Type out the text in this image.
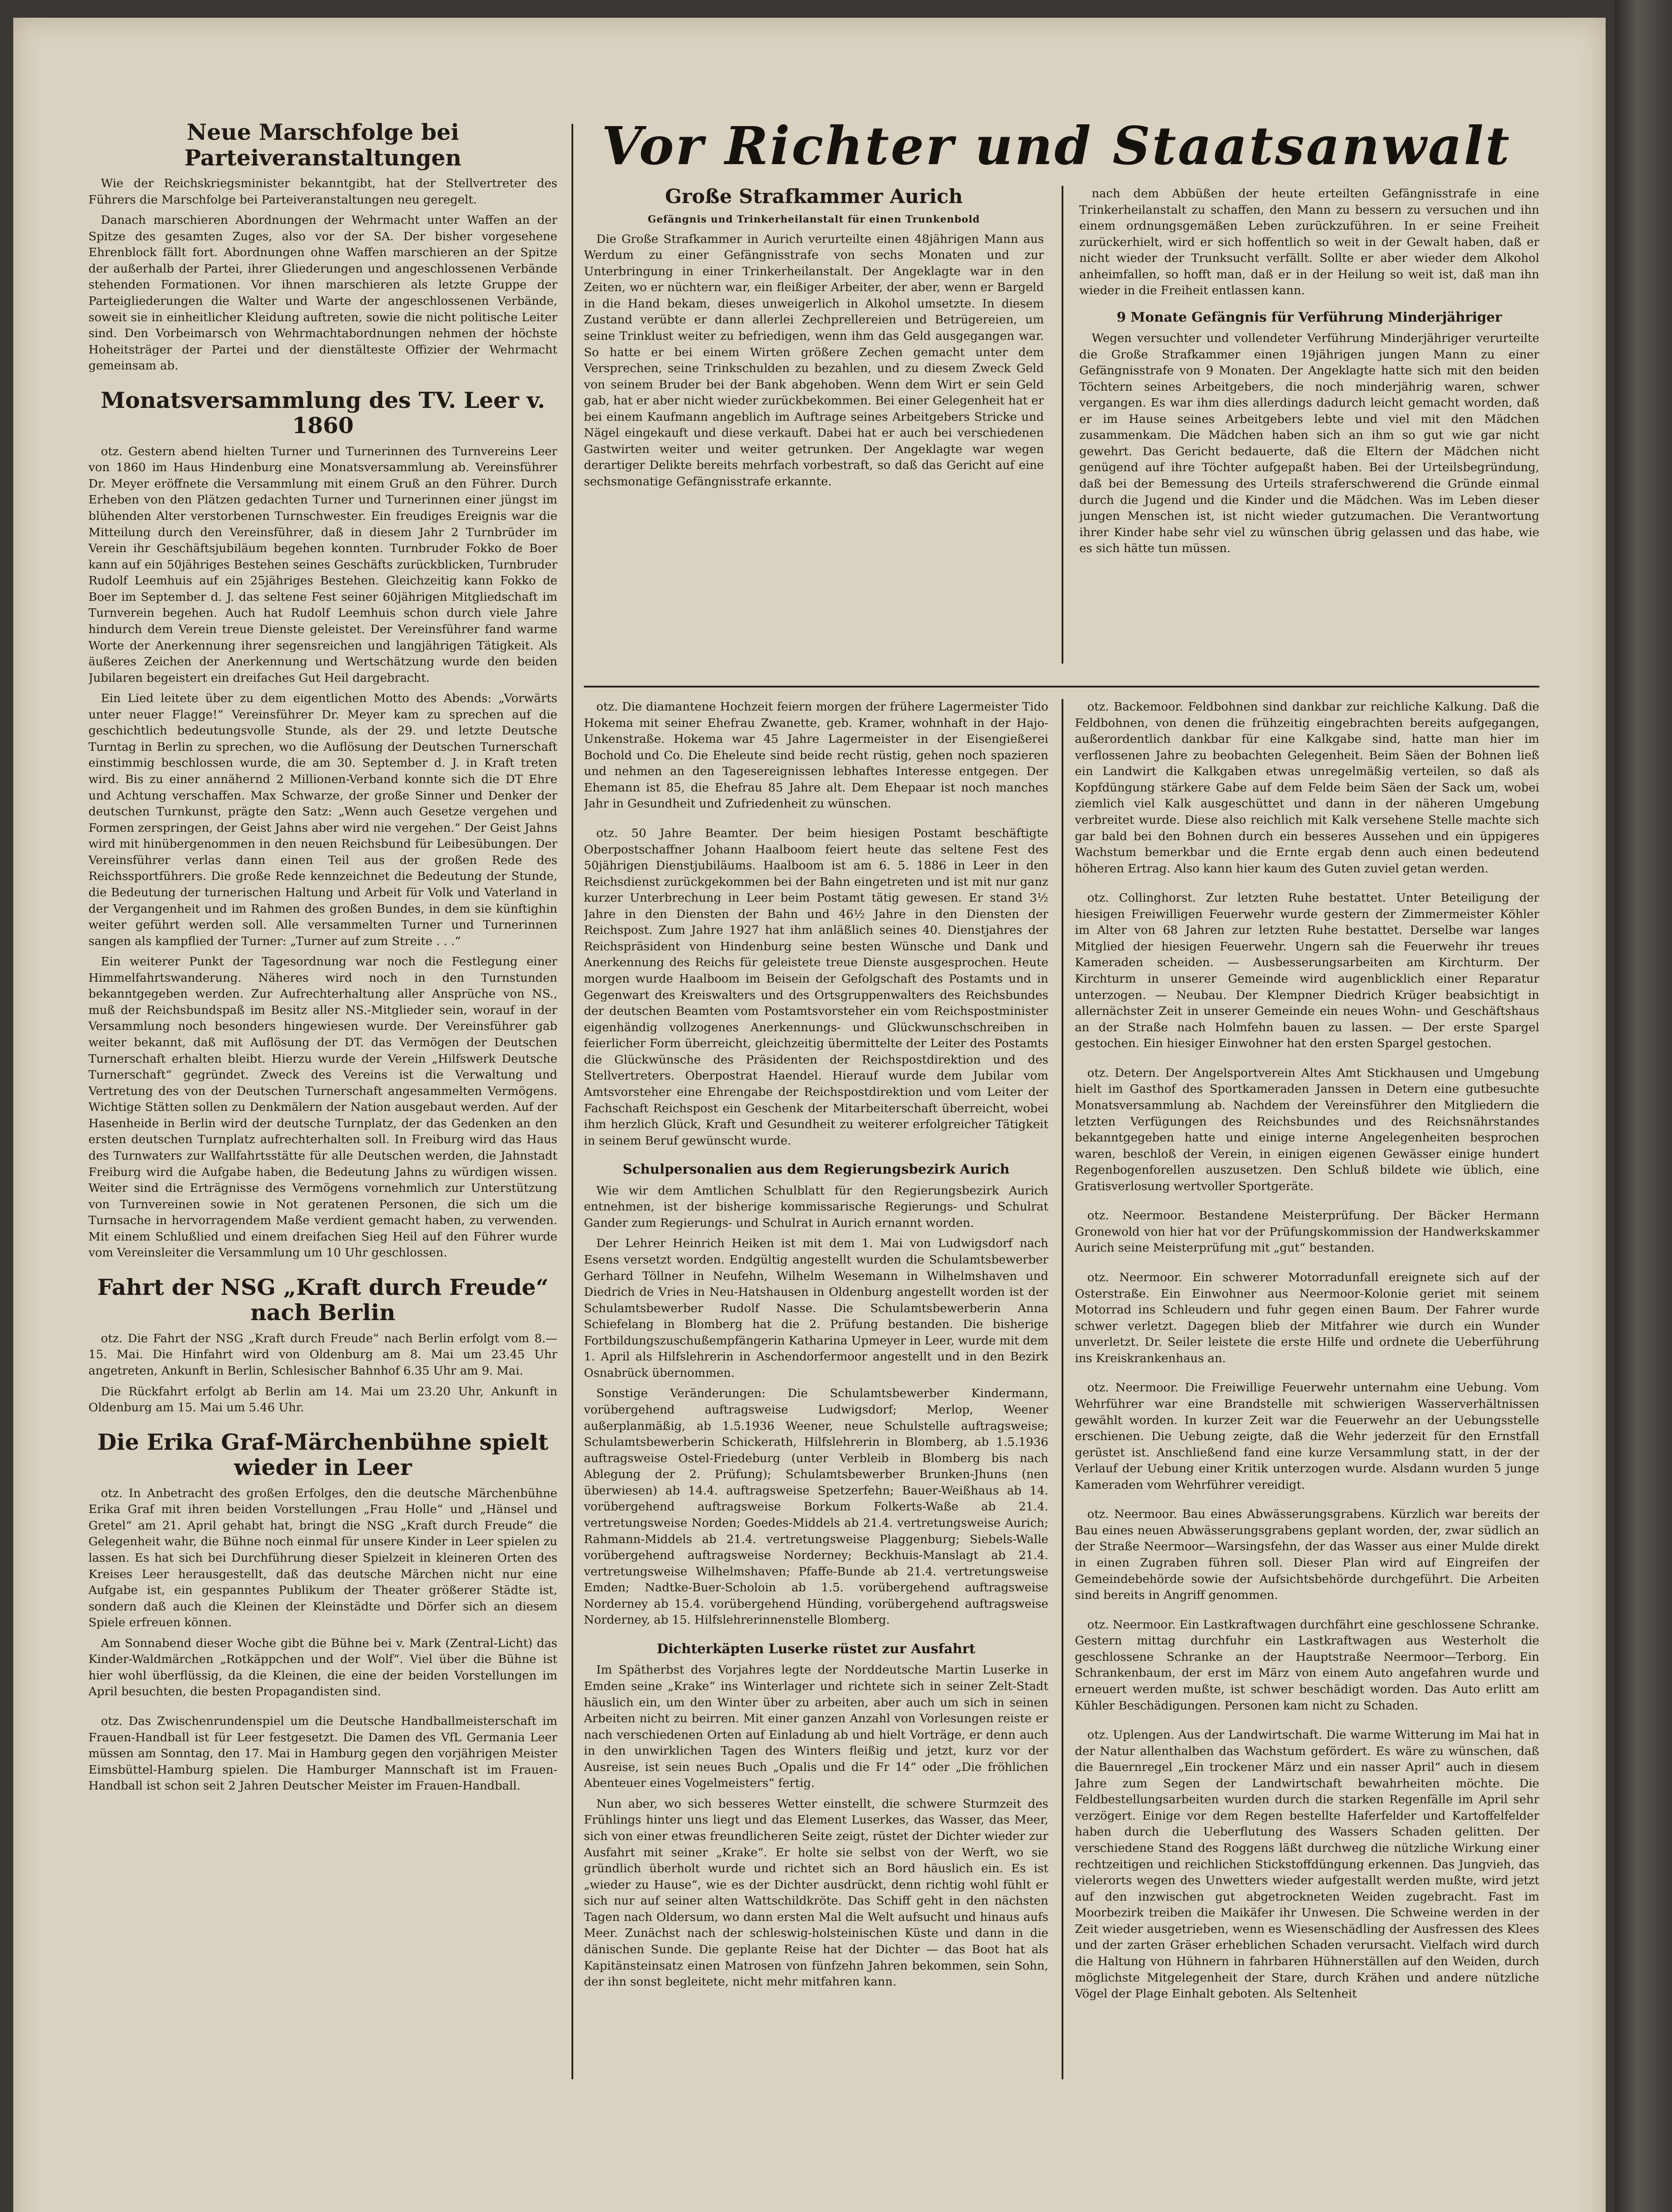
Vor Richter und Staatsanwalt
Neue Marschfolge bei Parteiveranstaltungen

Wie der Reichskriegsminister bekanntgibt, hat der Stellvertreter des Führers die Marschfolge bei Parteiveranstaltungen neu geregelt.

Danach marschieren Abordnungen der Wehrmacht unter Waffen an der Spitze des gesamten Zuges, also vor der SA. Der bisher vorgesehene Ehrenblock fällt fort. Abordnungen ohne Waffen marschieren an der Spitze der außerhalb der Partei, ihrer Gliederungen und angeschlossenen Verbände stehenden Formationen. Vor ihnen marschieren als letzte Gruppe der Parteigliederungen die Walter und Warte der angeschlossenen Verbände, soweit sie in einheitlicher Kleidung auftreten, sowie die nicht politische Leiter sind. Den Vorbeimarsch von Wehrmachtabordnungen nehmen der höchste Hoheitsträger der Partei und der dienstälteste Offizier der Wehrmacht gemeinsam ab.

Monatsversammlung des TV. Leer v. 1860

otz. Gestern abend hielten Turner und Turnerinnen des Turnvereins Leer von 1860 im Haus Hindenburg eine Monatsversammlung ab. Vereinsführer Dr. Meyer eröffnete die Versammlung mit einem Gruß an den Führer. Durch Erheben von den Plätzen gedachten Turner und Turnerinnen einer jüngst im blühenden Alter verstorbenen Turnschwester. Ein freudiges Ereignis war die Mitteilung durch den Vereinsführer, daß in diesem Jahr 2 Turnbrüder im Verein ihr Geschäftsjubiläum begehen konnten. Turnbruder Fokko de Boer kann auf ein 50jähriges Bestehen seines Geschäfts zurückblicken, Turnbruder Rudolf Leemhuis auf ein 25jähriges Bestehen. Gleichzeitig kann Fokko de Boer im September d. J. das seltene Fest seiner 60jährigen Mitgliedschaft im Turnverein begehen. Auch hat Rudolf Leemhuis schon durch viele Jahre hindurch dem Verein treue Dienste geleistet. Der Vereinsführer fand warme Worte der Anerkennung ihrer segensreichen und langjährigen Tätigkeit. Als äußeres Zeichen der Anerkennung und Wertschätzung wurde den beiden Jubilaren begeistert ein dreifaches Gut Heil dargebracht.

Ein Lied leitete über zu dem eigentlichen Motto des Abends: „Vorwärts unter neuer Flagge!“ Vereinsführer Dr. Meyer kam zu sprechen auf die geschichtlich bedeutungsvolle Stunde, als der 29. und letzte Deutsche Turntag in Berlin zu sprechen, wo die Auflösung der Deutschen Turnerschaft einstimmig beschlossen wurde, die am 30. September d. J. in Kraft treten wird. Bis zu einer annähernd 2 Millionen-Verband konnte sich die DT Ehre und Achtung verschaffen. Max Schwarze, der große Sinner und Denker der deutschen Turnkunst, prägte den Satz: „Wenn auch Gesetze vergehen und Formen zerspringen, der Geist Jahns aber wird nie vergehen.“ Der Geist Jahns wird mit hinübergenommen in den neuen Reichsbund für Leibesübungen. Der Vereinsführer verlas dann einen Teil aus der großen Rede des Reichssportführers. Die große Rede kennzeichnet die Bedeutung der Stunde, die Bedeutung der turnerischen Haltung und Arbeit für Volk und Vaterland in der Vergangenheit und im Rahmen des großen Bundes, in dem sie künftighin weiter geführt werden soll. Alle versammelten Turner und Turnerinnen sangen als kampflied der Turner: „Turner auf zum Streite . . .“

Ein weiterer Punkt der Tagesordnung war noch die Festlegung einer Himmelfahrtswanderung. Näheres wird noch in den Turnstunden bekanntgegeben werden. Zur Aufrechterhaltung aller Ansprüche von NS., muß der Reichsbundspaß im Besitz aller NS.-Mitglieder sein, worauf in der Versammlung noch besonders hingewiesen wurde. Der Vereinsführer gab weiter bekannt, daß mit Auflösung der DT. das Vermögen der Deutschen Turnerschaft erhalten bleibt. Hierzu wurde der Verein „Hilfswerk Deutsche Turnerschaft“ gegründet. Zweck des Vereins ist die Verwaltung und Vertretung des von der Deutschen Turnerschaft angesammelten Vermögens. Wichtige Stätten sollen zu Denkmälern der Nation ausgebaut werden. Auf der Hasenheide in Berlin wird der deutsche Turnplatz, der das Gedenken an den ersten deutschen Turnplatz aufrechterhalten soll. In Freiburg wird das Haus des Turnwaters zur Wallfahrtsstätte für alle Deutschen werden, die Jahnstadt Freiburg wird die Aufgabe haben, die Bedeutung Jahns zu würdigen wissen. Weiter sind die Erträgnisse des Vermögens vornehmlich zur Unterstützung von Turnvereinen sowie in Not geratenen Personen, die sich um die Turnsache in hervorragendem Maße verdient gemacht haben, zu verwenden. Mit einem Schlußlied und einem dreifachen Sieg Heil auf den Führer wurde vom Vereinsleiter die Versammlung um 10 Uhr geschlossen.

Fahrt der NSG „Kraft durch Freude“ nach Berlin

otz. Die Fahrt der NSG „Kraft durch Freude“ nach Berlin erfolgt vom 8.—15. Mai. Die Hinfahrt wird von Oldenburg am 8. Mai um 23.45 Uhr angetreten, Ankunft in Berlin, Schlesischer Bahnhof 6.35 Uhr am 9. Mai.

Die Rückfahrt erfolgt ab Berlin am 14. Mai um 23.20 Uhr, Ankunft in Oldenburg am 15. Mai um 5.46 Uhr.

Die Erika Graf-Märchenbühne spielt wieder in Leer

otz. In Anbetracht des großen Erfolges, den die deutsche Märchenbühne Erika Graf mit ihren beiden Vorstellungen „Frau Holle“ und „Hänsel und Gretel“ am 21. April gehabt hat, bringt die NSG „Kraft durch Freude“ die Gelegenheit wahr, die Bühne noch einmal für unsere Kinder in Leer spielen zu lassen. Es hat sich bei Durchführung dieser Spielzeit in kleineren Orten des Kreises Leer herausgestellt, daß das deutsche Märchen nicht nur eine Aufgabe ist, ein gespanntes Publikum der Theater größerer Städte ist, sondern daß auch die Kleinen der Kleinstädte und Dörfer sich an diesem Spiele erfreuen können.

Am Sonnabend dieser Woche gibt die Bühne bei v. Mark (Zentral-Licht) das Kinder-Waldmärchen „Rotkäppchen und der Wolf“. Viel über die Bühne ist hier wohl überflüssig, da die Kleinen, die eine der beiden Vorstellungen im April besuchten, die besten Propagandisten sind.

otz. Das Zwischenrundenspiel um die Deutsche Handballmeisterschaft im Frauen-Handball ist für Leer festgesetzt. Die Damen des VfL Germania Leer müssen am Sonntag, den 17. Mai in Hamburg gegen den vorjährigen Meister Eimsbüttel-Hamburg spielen. Die Hamburger Mannschaft ist im Frauen-Handball ist schon seit 2 Jahren Deutscher Meister im Frauen-Handball.

Große Strafkammer Aurich
Gefängnis und Trinkerheilanstalt für einen Trunkenbold

Die Große Strafkammer in Aurich verurteilte einen 48jährigen Mann aus Werdum zu einer Gefängnisstrafe von sechs Monaten und zur Unterbringung in einer Trinkerheilanstalt. Der Angeklagte war in den Zeiten, wo er nüchtern war, ein fleißiger Arbeiter, der aber, wenn er Bargeld in die Hand bekam, dieses unweigerlich in Alkohol umsetzte. In diesem Zustand verübte er dann allerlei Zechprellereien und Betrügereien, um seine Trinklust weiter zu befriedigen, wenn ihm das Geld ausgegangen war. So hatte er bei einem Wirten größere Zechen gemacht unter dem Versprechen, seine Trinkschulden zu bezahlen, und zu diesem Zweck Geld von seinem Bruder bei der Bank abgehoben. Wenn dem Wirt er sein Geld gab, hat er aber nicht wieder zurückbekommen. Bei einer Gelegenheit hat er bei einem Kaufmann angeblich im Auftrage seines Arbeitgebers Stricke und Nägel eingekauft und diese verkauft. Dabei hat er auch bei verschiedenen Gastwirten weiter und weiter getrunken. Der Angeklagte war wegen derartiger Delikte bereits mehrfach vorbestraft, so daß das Gericht auf eine sechsmonatige Gefängnisstrafe erkannte.

nach dem Abbüßen der heute erteilten Gefängnisstrafe in eine Trinkerheilanstalt zu schaffen, den Mann zu bessern zu versuchen und ihn einem ordnungsgemäßen Leben zurückzuführen. In er seine Freiheit zurückerhielt, wird er sich hoffentlich so weit in der Gewalt haben, daß er nicht wieder der Trunksucht verfällt. Sollte er aber wieder dem Alkohol anheimfallen, so hofft man, daß er in der Heilung so weit ist, daß man ihn wieder in die Freiheit entlassen kann.

9 Monate Gefängnis für Verführung Minderjähriger

Wegen versuchter und vollendeter Verführung Minderjähriger verurteilte die Große Strafkammer einen 19jährigen jungen Mann zu einer Gefängnisstrafe von 9 Monaten. Der Angeklagte hatte sich mit den beiden Töchtern seines Arbeitgebers, die noch minderjährig waren, schwer vergangen. Es war ihm dies allerdings dadurch leicht gemacht worden, daß er im Hause seines Arbeitgebers lebte und viel mit den Mädchen zusammenkam. Die Mädchen haben sich an ihm so gut wie gar nicht gewehrt. Das Gericht bedauerte, daß die Eltern der Mädchen nicht genügend auf ihre Töchter aufgepaßt haben. Bei der Urteilsbegründung, daß bei der Bemessung des Urteils straferschwerend die Gründe einmal durch die Jugend und die Kinder und die Mädchen. Was im Leben dieser jungen Menschen ist, ist nicht wieder gutzumachen. Die Verantwortung ihrer Kinder habe sehr viel zu wünschen übrig gelassen und das habe, wie es sich hätte tun müssen.

otz. Die diamantene Hochzeit feiern morgen der frühere Lagermeister Tido Hokema mit seiner Ehefrau Zwanette, geb. Kramer, wohnhaft in der Hajo-Unkenstraße. Hokema war 45 Jahre Lagermeister in der Eisengießerei Bochold und Co. Die Eheleute sind beide recht rüstig, gehen noch spazieren und nehmen an den Tagesereignissen lebhaftes Interesse entgegen. Der Ehemann ist 85, die Ehefrau 85 Jahre alt. Dem Ehepaar ist noch manches Jahr in Gesundheit und Zufriedenheit zu wünschen.

otz. 50 Jahre Beamter. Der beim hiesigen Postamt beschäftigte Oberpostschaffner Johann Haalboom feiert heute das seltene Fest des 50jährigen Dienstjubiläums. Haalboom ist am 6. 5. 1886 in Leer in den Reichsdienst zurückgekommen bei der Bahn eingetreten und ist mit nur ganz kurzer Unterbrechung in Leer beim Postamt tätig gewesen. Er stand 3½ Jahre in den Diensten der Bahn und 46½ Jahre in den Diensten der Reichspost. Zum Jahre 1927 hat ihm anläßlich seines 40. Dienstjahres der Reichspräsident von Hindenburg seine besten Wünsche und Dank und Anerkennung des Reichs für geleistete treue Dienste ausgesprochen. Heute morgen wurde Haalboom im Beisein der Gefolgschaft des Postamts und in Gegenwart des Kreiswalters und des Ortsgruppenwalters des Reichsbundes der deutschen Beamten vom Postamtsvorsteher ein vom Reichspostminister eigenhändig vollzogenes Anerkennungs- und Glückwunschschreiben in feierlicher Form überreicht, gleichzeitig übermittelte der Leiter des Postamts die Glückwünsche des Präsidenten der Reichspostdirektion und des Stellvertreters. Oberpostrat Haendel. Hierauf wurde dem Jubilar vom Amtsvorsteher eine Ehrengabe der Reichspostdirektion und vom Leiter der Fachschaft Reichspost ein Geschenk der Mitarbeiterschaft überreicht, wobei ihm herzlich Glück, Kraft und Gesundheit zu weiterer erfolgreicher Tätigkeit in seinem Beruf gewünscht wurde.

Schulpersonalien aus dem Regierungsbezirk Aurich

Wie wir dem Amtlichen Schulblatt für den Regierungsbezirk Aurich entnehmen, ist der bisherige kommissarische Regierungs- und Schulrat Gander zum Regierungs- und Schulrat in Aurich ernannt worden.

Der Lehrer Heinrich Heiken ist mit dem 1. Mai von Ludwigsdorf nach Esens versetzt worden. Endgültig angestellt wurden die Schulamtsbewerber Gerhard Töllner in Neufehn, Wilhelm Wesemann in Wilhelmshaven und Diedrich de Vries in Neu-Hatshausen in Oldenburg angestellt worden ist der Schulamtsbewerber Rudolf Nasse. Die Schulamtsbewerberin Anna Schiefelang in Blomberg hat die 2. Prüfung bestanden. Die bisherige Fortbildungszuschußempfängerin Katharina Upmeyer in Leer, wurde mit dem 1. April als Hilfslehrerin in Aschendorfermoor angestellt und in den Bezirk Osnabrück übernommen.

Sonstige Veränderungen: Die Schulamtsbewerber Kindermann, vorübergehend auftragsweise Ludwigsdorf; Merlop, Weener außerplanmäßig, ab 1.5.1936 Weener, neue Schulstelle auftragsweise; Schulamtsbewerberin Schickerath, Hilfslehrerin in Blomberg, ab 1.5.1936 auftragsweise Ostel-Friedeburg (unter Verbleib in Blomberg bis nach Ablegung der 2. Prüfung); Schulamtsbewerber Brunken-Jhuns (nen überwiesen) ab 14.4. auftragsweise Spetzerfehn; Bauer-Weißhaus ab 14. vorübergehend auftragsweise Borkum Folkerts-Waße ab 21.4. vertretungsweise Norden; Goedes-Middels ab 21.4. vertretungsweise Aurich; Rahmann-Middels ab 21.4. vertretungsweise Plaggenburg; Siebels-Walle vorübergehend auftragsweise Norderney; Beckhuis-Manslagt ab 21.4. vertretungsweise Wilhelmshaven; Pfaffe-Bunde ab 21.4. vertretungsweise Emden; Nadtke-Buer-Scholoin ab 1.5. vorübergehend auftragsweise Norderney ab 15.4. vorübergehend Hünding, vorübergehend auftragsweise Norderney, ab 15. Hilfslehrerinnenstelle Blomberg.

Dichterkäpten Luserke rüstet zur Ausfahrt

Im Spätherbst des Vorjahres legte der Norddeutsche Martin Luserke in Emden seine „Krake“ ins Winterlager und richtete sich in seiner Zelt-Stadt häuslich ein, um den Winter über zu arbeiten, aber auch um sich in seinen Arbeiten nicht zu beirren. Mit einer ganzen Anzahl von Vorlesungen reiste er nach verschiedenen Orten auf Einladung ab und hielt Vorträge, er denn auch in den unwirklichen Tagen des Winters fleißig und jetzt, kurz vor der Ausreise, ist sein neues Buch „Opalis und die Fr 14“ oder „Die fröhlichen Abenteuer eines Vogelmeisters“ fertig.

Nun aber, wo sich besseres Wetter einstellt, die schwere Sturmzeit des Frühlings hinter uns liegt und das Element Luserkes, das Wasser, das Meer, sich von einer etwas freundlicheren Seite zeigt, rüstet der Dichter wieder zur Ausfahrt mit seiner „Krake“. Er holte sie selbst von der Werft, wo sie gründlich überholt wurde und richtet sich an Bord häuslich ein. Es ist „wieder zu Hause“, wie es der Dichter ausdrückt, denn richtig wohl fühlt er sich nur auf seiner alten Wattschildkröte. Das Schiff geht in den nächsten Tagen nach Oldersum, wo dann ersten Mal die Welt aufsucht und hinaus aufs Meer. Zunächst nach der schleswig-holsteinischen Küste und dann in die dänischen Sunde. Die geplante Reise hat der Dichter — das Boot hat als Kapitänsteinsatz einen Matrosen von fünfzehn Jahren bekommen, sein Sohn, der ihn sonst begleitete, nicht mehr mitfahren kann.

otz. Backemoor. Feldbohnen sind dankbar zur reichliche Kalkung. Daß die Feldbohnen, von denen die frühzeitig eingebrachten bereits aufgegangen, außerordentlich dankbar für eine Kalkgabe sind, hatte man hier im verflossenen Jahre zu beobachten Gelegenheit. Beim Säen der Bohnen ließ ein Landwirt die Kalkgaben etwas unregelmäßig verteilen, so daß als Kopfdüngung stärkere Gabe auf dem Felde beim Säen der Sack um, wobei ziemlich viel Kalk ausgeschüttet und dann in der näheren Umgebung verbreitet wurde. Diese also reichlich mit Kalk versehene Stelle machte sich gar bald bei den Bohnen durch ein besseres Aussehen und ein üppigeres Wachstum bemerkbar und die Ernte ergab denn auch einen bedeutend höheren Ertrag. Also kann hier kaum des Guten zuviel getan werden.

otz. Collinghorst. Zur letzten Ruhe bestattet. Unter Beteiligung der hiesigen Freiwilligen Feuerwehr wurde gestern der Zimmermeister Köhler im Alter von 68 Jahren zur letzten Ruhe bestattet. Derselbe war langes Mitglied der hiesigen Feuerwehr. Ungern sah die Feuerwehr ihr treues Kameraden scheiden. — Ausbesserungsarbeiten am Kirchturm. Der Kirchturm in unserer Gemeinde wird augenblicklich einer Reparatur unterzogen. — Neubau. Der Klempner Diedrich Krüger beabsichtigt in allernächster Zeit in unserer Gemeinde ein neues Wohn- und Geschäftshaus an der Straße nach Holmfehn bauen zu lassen. — Der erste Spargel gestochen. Ein hiesiger Einwohner hat den ersten Spargel gestochen.

otz. Detern. Der Angelsportverein Altes Amt Stickhausen und Umgebung hielt im Gasthof des Sportkameraden Janssen in Detern eine gutbesuchte Monatsversammlung ab. Nachdem der Vereinsführer den Mitgliedern die letzten Verfügungen des Reichsbundes und des Reichsnährstandes bekanntgegeben hatte und einige interne Angelegenheiten besprochen waren, beschloß der Verein, in einigen eigenen Gewässer einige hundert Regenbogenforellen auszusetzen. Den Schluß bildete wie üblich, eine Gratisverlosung wertvoller Sportgeräte.

otz. Neermoor. Bestandene Meisterprüfung. Der Bäcker Hermann Gronewold von hier hat vor der Prüfungskommission der Handwerkskammer Aurich seine Meisterprüfung mit „gut“ bestanden.

otz. Neermoor. Ein schwerer Motorradunfall ereignete sich auf der Osterstraße. Ein Einwohner aus Neermoor-Kolonie geriet mit seinem Motorrad ins Schleudern und fuhr gegen einen Baum. Der Fahrer wurde schwer verletzt. Dagegen blieb der Mitfahrer wie durch ein Wunder unverletzt. Dr. Seiler leistete die erste Hilfe und ordnete die Ueberführung ins Kreiskrankenhaus an.

otz. Neermoor. Die Freiwillige Feuerwehr unternahm eine Uebung. Vom Wehrführer war eine Brandstelle mit schwierigen Wasserverhältnissen gewählt worden. In kurzer Zeit war die Feuerwehr an der Uebungsstelle erschienen. Die Uebung zeigte, daß die Wehr jederzeit für den Ernstfall gerüstet ist. Anschließend fand eine kurze Versammlung statt, in der der Verlauf der Uebung einer Kritik unterzogen wurde. Alsdann wurden 5 junge Kameraden vom Wehrführer vereidigt.

otz. Neermoor. Bau eines Abwässerungsgrabens. Kürzlich war bereits der Bau eines neuen Abwässerungsgrabens geplant worden, der, zwar südlich an der Straße Neermoor—Warsingsfehn, der das Wasser aus einer Mulde direkt in einen Zugraben führen soll. Dieser Plan wird auf Eingreifen der Gemeindebehörde sowie der Aufsichtsbehörde durchgeführt. Die Arbeiten sind bereits in Angriff genommen.

otz. Neermoor. Ein Lastkraftwagen durchfährt eine geschlossene Schranke. Gestern mittag durchfuhr ein Lastkraftwagen aus Westerholt die geschlossene Schranke an der Hauptstraße Neermoor—Terborg. Ein Schrankenbaum, der erst im März von einem Auto angefahren wurde und erneuert werden mußte, ist schwer beschädigt worden. Das Auto erlitt am Kühler Beschädigungen. Personen kam nicht zu Schaden.

otz. Uplengen. Aus der Landwirtschaft. Die warme Witterung im Mai hat in der Natur allenthalben das Wachstum gefördert. Es wäre zu wünschen, daß die Bauernregel „Ein trockener März und ein nasser April“ auch in diesem Jahre zum Segen der Landwirtschaft bewahrheiten möchte. Die Feldbestellungsarbeiten wurden durch die starken Regenfälle im April sehr verzögert. Einige vor dem Regen bestellte Haferfelder und Kartoffelfelder haben durch die Ueberflutung des Wassers Schaden gelitten. Der verschiedene Stand des Roggens läßt durchweg die nützliche Wirkung einer rechtzeitigen und reichlichen Stickstoffdüngung erkennen. Das Jungvieh, das vielerorts wegen des Unwetters wieder aufgestallt werden mußte, wird jetzt auf den inzwischen gut abgetrockneten Weiden zugebracht. Fast im Moorbezirk treiben die Maikäfer ihr Unwesen. Die Schweine werden in der Zeit wieder ausgetrieben, wenn es Wiesenschädling der Ausfressen des Klees und der zarten Gräser erheblichen Schaden verursacht. Vielfach wird durch die Haltung von Hühnern in fahrbaren Hühnerställen auf den Weiden, durch möglichste Mitgelegenheit der Stare, durch Krähen und andere nützliche Vögel der Plage Einhalt geboten. Als Seltenheit
